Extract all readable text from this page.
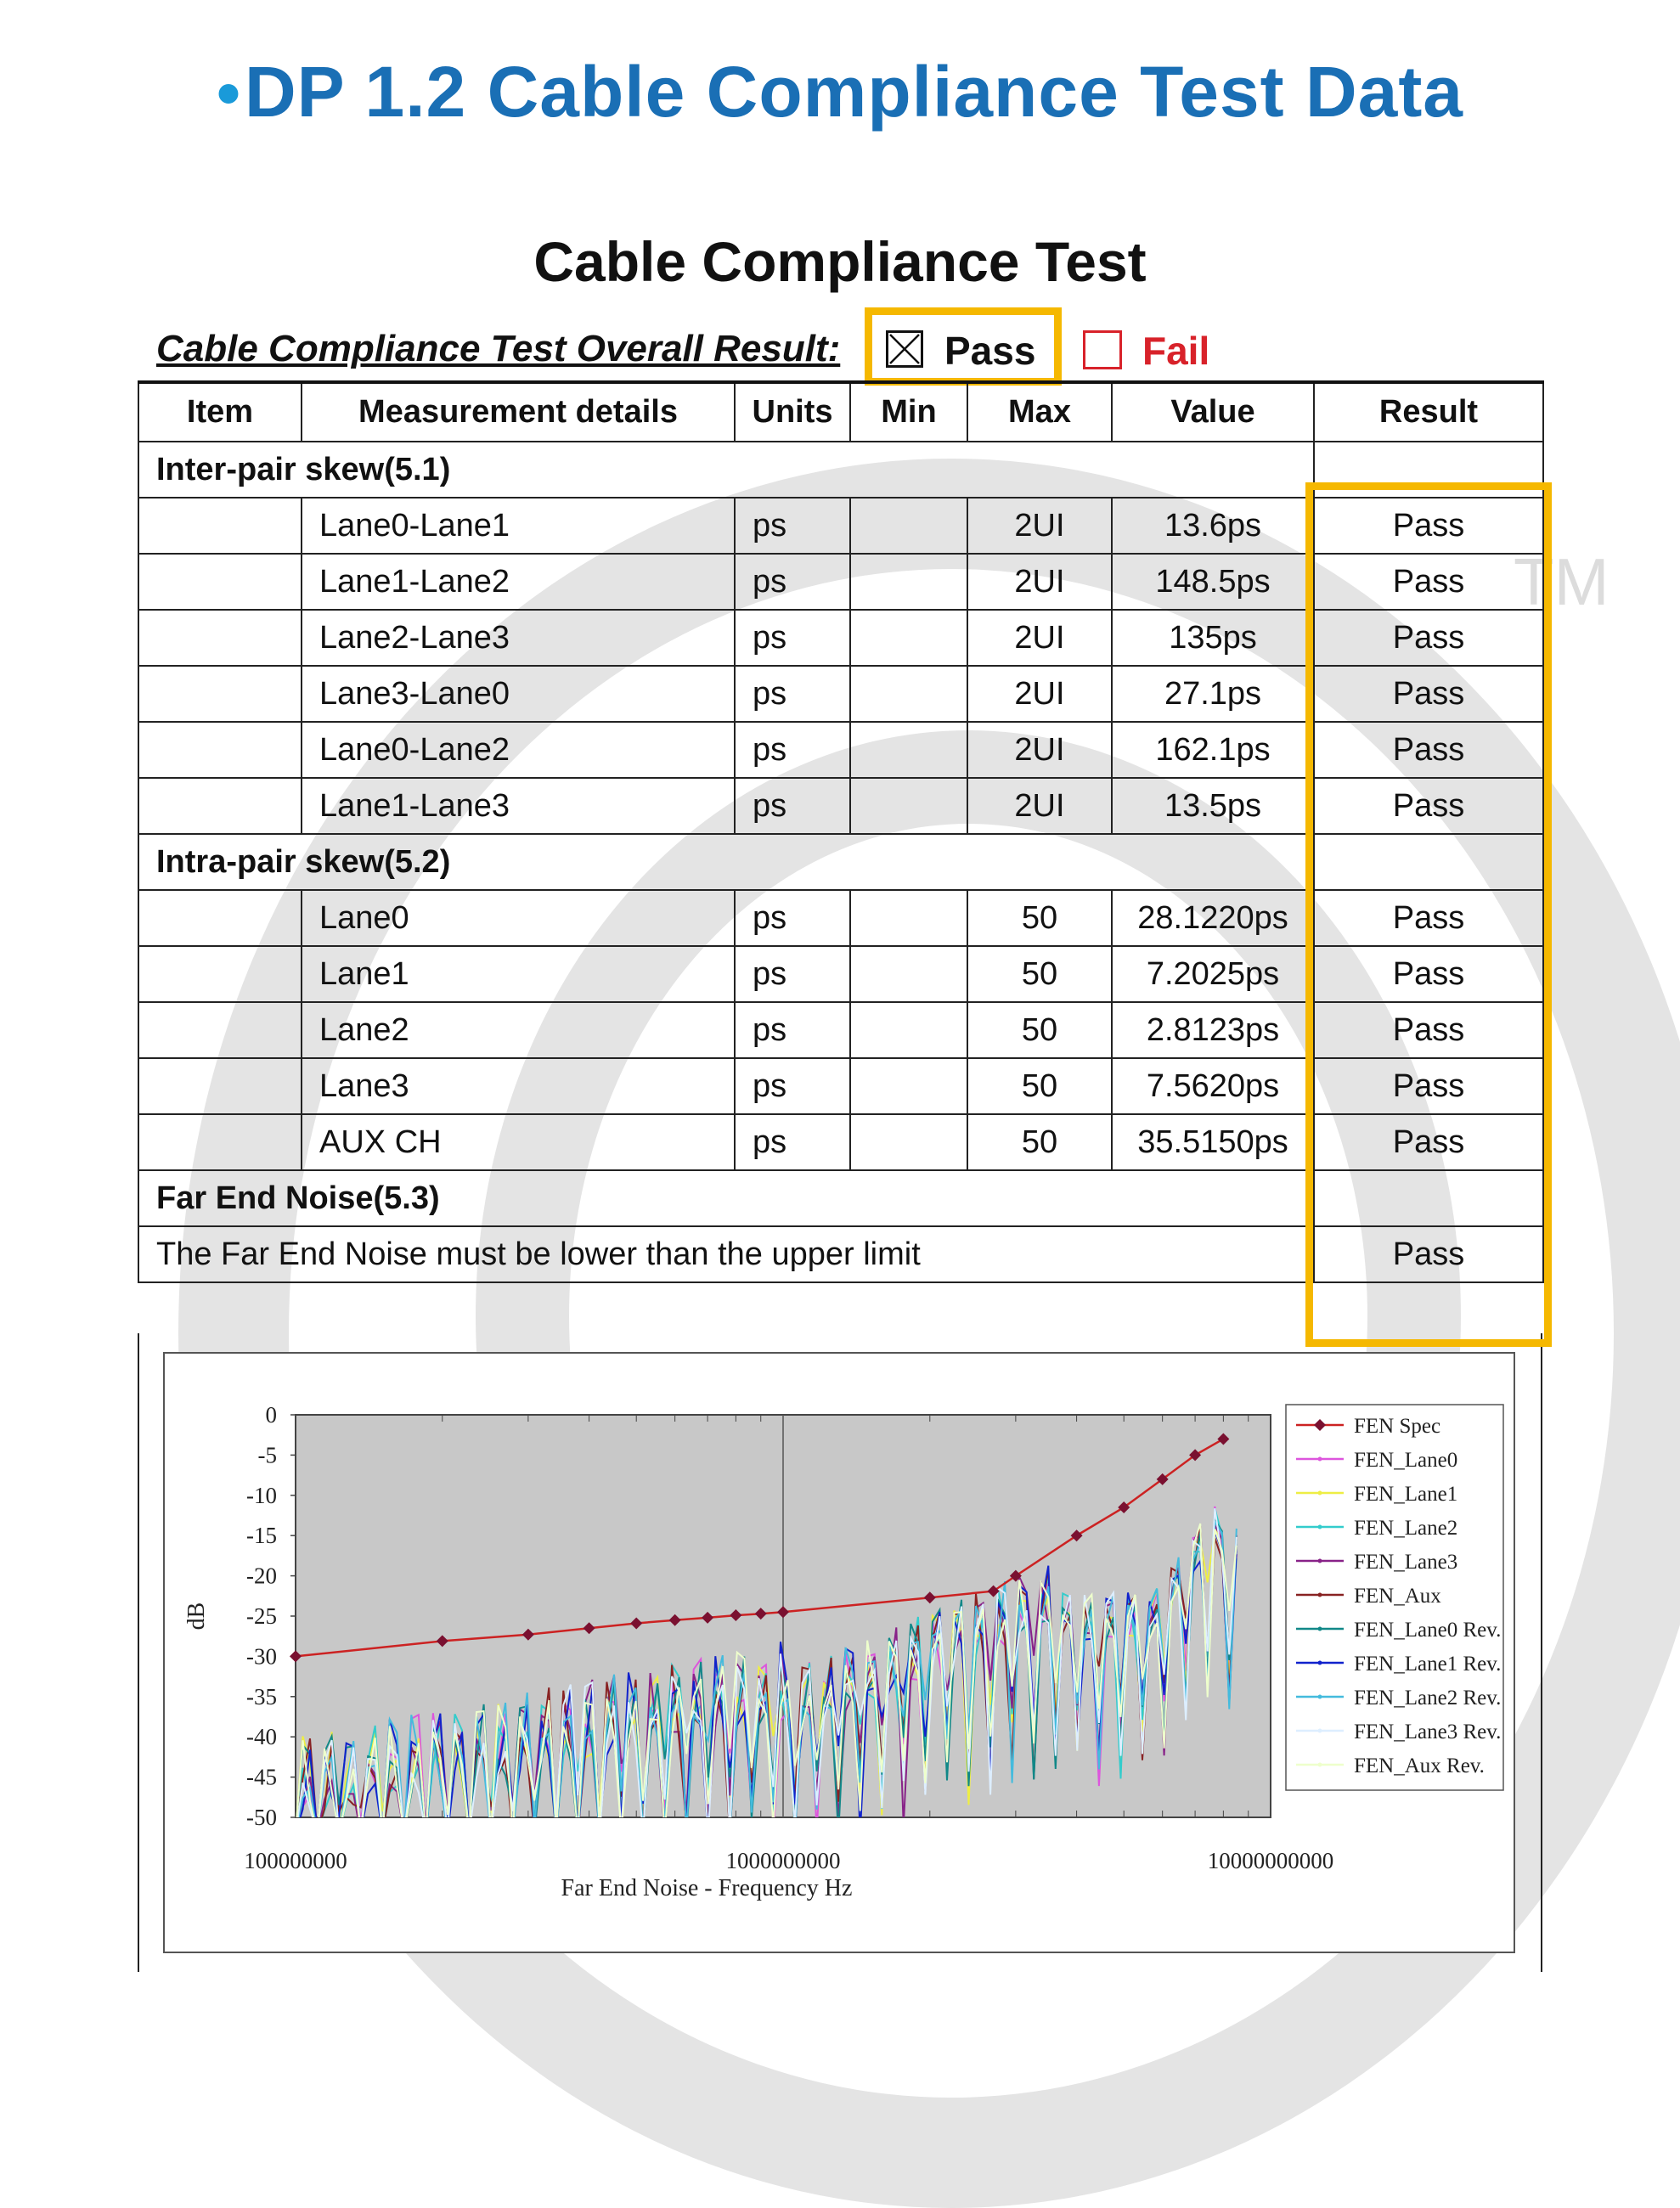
TM
•DP 1.2 Cable Compliance Test Data
Cable Compliance Test
Cable Compliance Test Overall Result:	Pass	Fail
Item	Measurement details	Units	Min	Max	Value	Result
Inter-pair skew(5.1)						
	Lane0-Lane1	ps		2UI	13.6ps	Pass
	Lane1-Lane2	ps		2UI	148.5ps	Pass
	Lane2-Lane3	ps		2UI	135ps	Pass
	Lane3-Lane0	ps		2UI	27.1ps	Pass
	Lane0-Lane2	ps		2UI	162.1ps	Pass
	Lane1-Lane3	ps		2UI	13.5ps	Pass
Intra-pair skew(5.2)						
	Lane0	ps		50	28.1220ps	Pass
	Lane1	ps		50	7.2025ps	Pass
	Lane2	ps		50	2.8123ps	Pass
	Lane3	ps		50	7.5620ps	Pass
	AUX CH	ps		50	35.5150ps	Pass
Far End Noise(5.3)						
The Far End Noise must be lower than the upper limit						Pass
0
-5
-10
-15
-20
-25
-30
-35
-40
-45
-50
100000000	1000000000	10000000000
Far End Noise - Frequency Hz
dB
FEN Spec
FEN_Lane0
FEN_Lane1
FEN_Lane2
FEN_Lane3
FEN_Aux
FEN_Lane0 Rev.
FEN_Lane1 Rev.
FEN_Lane2 Rev.
FEN_Lane3 Rev.
FEN_Aux Rev.
